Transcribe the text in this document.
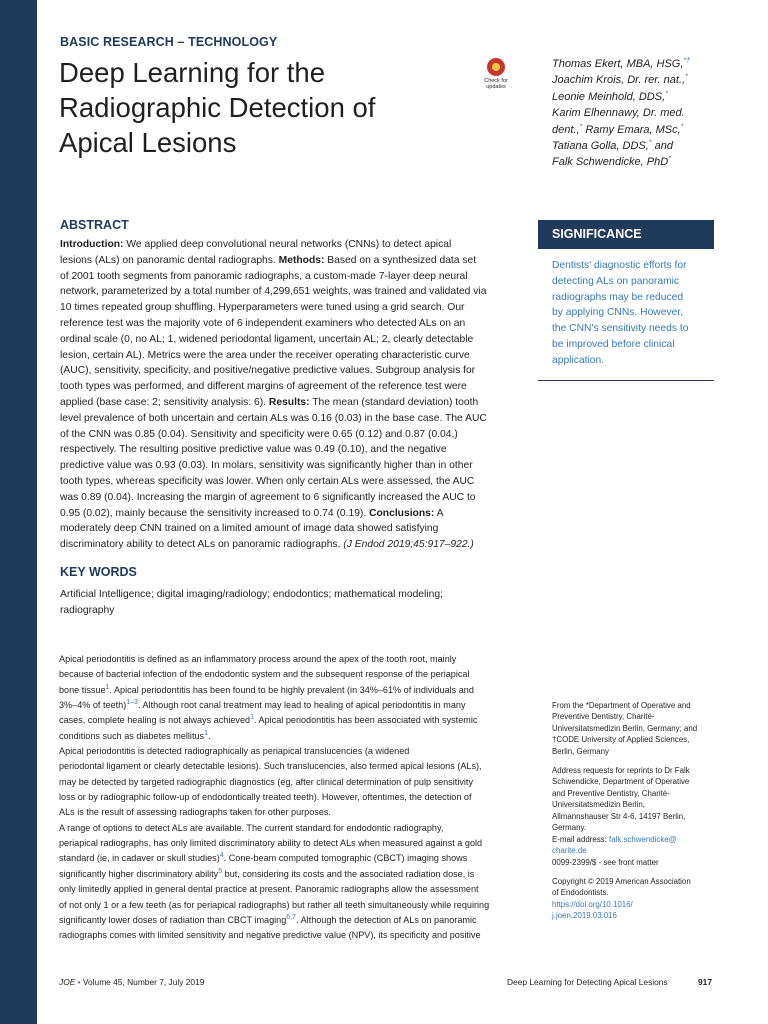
BASIC RESEARCH – TECHNOLOGY
Deep Learning for the
Radiographic Detection of
Apical Lesions
Check for
updates
Thomas Ekert, MBA, HSG,*†
Joachim Krois, Dr. rer. nat.,*
Leonie Meinhold, DDS,*
Karim Elhennawy, Dr. med.
dent.,* Ramy Emara, MSc,*
Tatiana Golla, DDS,* and
Falk Schwendicke, PhD*
ABSTRACT
Introduction: We applied deep convolutional neural networks (CNNs) to detect apical
lesions (ALs) on panoramic dental radiographs. Methods: Based on a synthesized data set
of 2001 tooth segments from panoramic radiographs, a custom-made 7-layer deep neural
network, parameterized by a total number of 4,299,651 weights, was trained and validated via
10 times repeated group shuffling. Hyperparameters were tuned using a grid search. Our
reference test was the majority vote of 6 independent examiners who detected ALs on an
ordinal scale (0, no AL; 1, widened periodontal ligament, uncertain AL; 2, clearly detectable
lesion, certain AL). Metrics were the area under the receiver operating characteristic curve
(AUC), sensitivity, specificity, and positive/negative predictive values. Subgroup analysis for
tooth types was performed, and different margins of agreement of the reference test were
applied (base case: 2; sensitivity analysis: 6). Results: The mean (standard deviation) tooth
level prevalence of both uncertain and certain ALs was 0.16 (0.03) in the base case. The AUC
of the CNN was 0.85 (0.04). Sensitivity and specificity were 0.65 (0.12) and 0.87 (0.04,)
respectively. The resulting positive predictive value was 0.49 (0.10), and the negative
predictive value was 0.93 (0.03). In molars, sensitivity was significantly higher than in other
tooth types, whereas specificity was lower. When only certain ALs were assessed, the AUC
was 0.89 (0.04). Increasing the margin of agreement to 6 significantly increased the AUC to
0.95 (0.02), mainly because the sensitivity increased to 0.74 (0.19). Conclusions: A
moderately deep CNN trained on a limited amount of image data showed satisfying
discriminatory ability to detect ALs on panoramic radiographs. (J Endod 2019;45:917–922.)
SIGNIFICANCE
Dentists' diagnostic efforts for
detecting ALs on panoramic
radiographs may be reduced
by applying CNNs. However,
the CNN's sensitivity needs to
be improved before clinical
application.
KEY WORDS
Artificial Intelligence; digital imaging/radiology; endodontics; mathematical modeling;
radiography
Apical periodontitis is defined as an inflammatory process around the apex of the tooth root, mainly
because of bacterial infection of the endodontic system and the subsequent response of the periapical
bone tissue$^1$. Apical periodontitis has been found to be highly prevalent (in 34%–61% of individuals and
3%–4% of teeth)$^{1-3}$. Although root canal treatment may lead to healing of apical periodontitis in many
cases, complete healing is not always achieved$^1$. Apical periodontitis has been associated with systemic
conditions such as diabetes mellitus$^1$.
Apical periodontitis is detected radiographically as periapical translucencies (a widened
periodontal ligament or clearly detectable lesions). Such translucencies, also termed apical lesions (ALs),
may be detected by targeted radiographic diagnostics (eg, after clinical determination of pulp sensitivity
loss or by radiographic follow-up of endodontically treated teeth). However, oftentimes, the detection of
ALs is the result of assessing radiographs taken for other purposes.
A range of options to detect ALs are available. The current standard for endodontic radiography,
periapical radiographs, has only limited discriminatory ability to detect ALs when measured against a gold
standard (ie, in cadaver or skull studies)$^4$. Cone-beam computed tomographic (CBCT) imaging shows
significantly higher discriminatory ability$^5$ but, considering its costs and the associated radiation dose, is
only limitedly applied in general dental practice at present. Panoramic radiographs allow the assessment
of not only 1 or a few teeth (as for periapical radiographs) but rather all teeth simultaneously while requiring
significantly lower doses of radiation than CBCT imaging$^{6,7}$. Although the detection of ALs on panoramic
radiographs comes with limited sensitivity and negative predictive value (NPV), its specificity and positive
From the *Department of Operative and
Preventive Dentistry, Charité-
Universitatsmedizin Berlin, Germany; and
†CODE University of Applied Sciences,
Berlin, Germany
Address requests for reprints to Dr Falk
Schwendicke, Department of Operative
and Preventive Dentistry, Charité-
Universitatsmedizin Berlin,
Allmannshauser Str 4-6, 14197 Berlin,
Germany.
E-mail address: falk.schwendicke@
charite.de
0099-2399/$ - see front matter
Copyright © 2019 American Association
of Endodontists.
https://doi.org/10.1016/
j.joen.2019.03.016
JOE • Volume 45, Number 7, July 2019	Deep Learning for Detecting Apical Lesions	917
